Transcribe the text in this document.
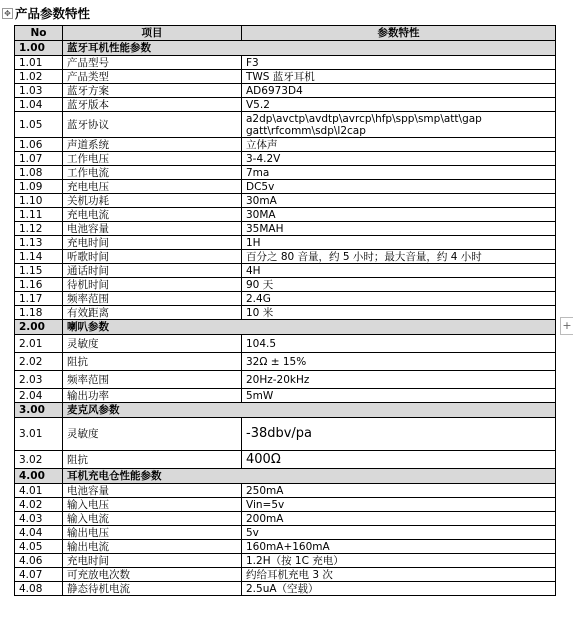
✥ 产品参数特性
No	项目	参数特性
1.00	蓝牙耳机性能参数	
1.01	产品型号	F3
1.02	产品类型	TWS 蓝牙耳机
1.03	蓝牙方案	AD6973D4
1.04	蓝牙版本	V5.2
1.05	蓝牙协议	a2dp\avctp\avdtp\avrcp\hfp\spp\smp\att\gap gatt\rfcomm\sdp\l2cap
1.06	声道系统	立体声
1.07	工作电压	3-4.2V
1.08	工作电流	7ma
1.09	充电电压	DC5v
1.10	关机功耗	30mA
1.11	充电电流	30MA
1.12	电池容量	35MAH
1.13	充电时间	1H
1.14	听歌时间	百分之 80 音量，约 5 小时；最大音量，约 4 小时
1.15	通话时间	4H
1.16	待机时间	90 天
1.17	频率范围	2.4G
1.18	有效距离	10 米
2.00	喇叭参数	
2.01	灵敏度	104.5
2.02	阻抗	32Ω ± 15%
2.03	频率范围	20Hz-20kHz
2.04	输出功率	5mW
3.00	麦克风参数	
3.01	灵敏度	-38dbv/pa
3.02	阻抗	400Ω
4.00	耳机充电仓性能参数	
4.01	电池容量	250mA
4.02	输入电压	Vin=5v
4.03	输入电流	200mA
4.04	输出电压	5v
4.05	输出电流	160mA+160mA
4.06	充电时间	1.2H（按 1C 充电）
4.07	可充放电次数	约给耳机充电 3 次
4.08	静态待机电流	2.5uA（空载）
+
